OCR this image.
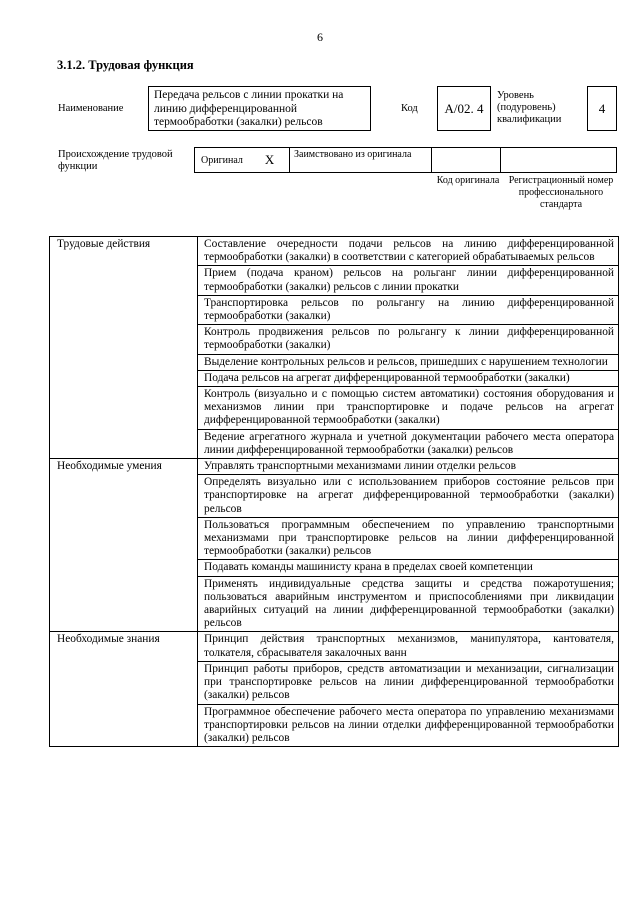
6
3.1.2. Трудовая функция
Наименование
Передача рельсов с линии прокатки на линию дифференцированной термообработки (закалки) рельсов
Код	А/02. 4
Уровень (подуровень) квалификации
4
Происхождение трудовой функции
Оригинал X	Заимствовано из оригинала
Код оригинала Регистрационный номер профессионального стандарта
Трудовые действия	Составление очередности подачи рельсов на линию дифференцированной термообработки (закалки) в соответствии с категорией обрабатываемых рельсов
	Прием (подача краном) рельсов на рольганг линии дифференцированной термообработки (закалки) рельсов с линии прокатки
	Транспортировка рельсов по рольгангу на линию дифференцированной термообработки (закалки)
	Контроль продвижения рельсов по рольгангу к линии дифференцированной термообработки (закалки)
	Выделение контрольных рельсов и рельсов, пришедших с нарушением технологии
	Подача рельсов на агрегат дифференцированной термообработки (закалки)
	Контроль (визуально и с помощью систем автоматики) состояния оборудования и механизмов линии при транспортировке и подаче рельсов на агрегат дифференцированной термообработки (закалки)
	Ведение агрегатного журнала и учетной документации рабочего места оператора линии дифференцированной термообработки (закалки) рельсов
Необходимые умения	Управлять транспортными механизмами линии отделки рельсов
	Определять визуально или с использованием приборов состояние рельсов при транспортировке на агрегат дифференцированной термообработки (закалки) рельсов
	Пользоваться программным обеспечением по управлению транспортными механизмами при транспортировке рельсов на линии дифференцированной термообработки (закалки) рельсов
	Подавать команды машинисту крана в пределах своей компетенции
	Применять индивидуальные средства защиты и средства пожаротушения; пользоваться аварийным инструментом и приспособлениями при ликвидации аварийных ситуаций на линии дифференцированной термообработки (закалки) рельсов
Необходимые знания	Принцип действия транспортных механизмов, манипулятора, кантователя, толкателя, сбрасывателя закалочных ванн
	Принцип работы приборов, средств автоматизации и механизации, сигнализации при транспортировке рельсов на линии дифференцированной термообработки (закалки) рельсов
	Программное обеспечение рабочего места оператора по управлению механизмами транспортировки рельсов на линии отделки дифференцированной термообработки (закалки) рельсов
